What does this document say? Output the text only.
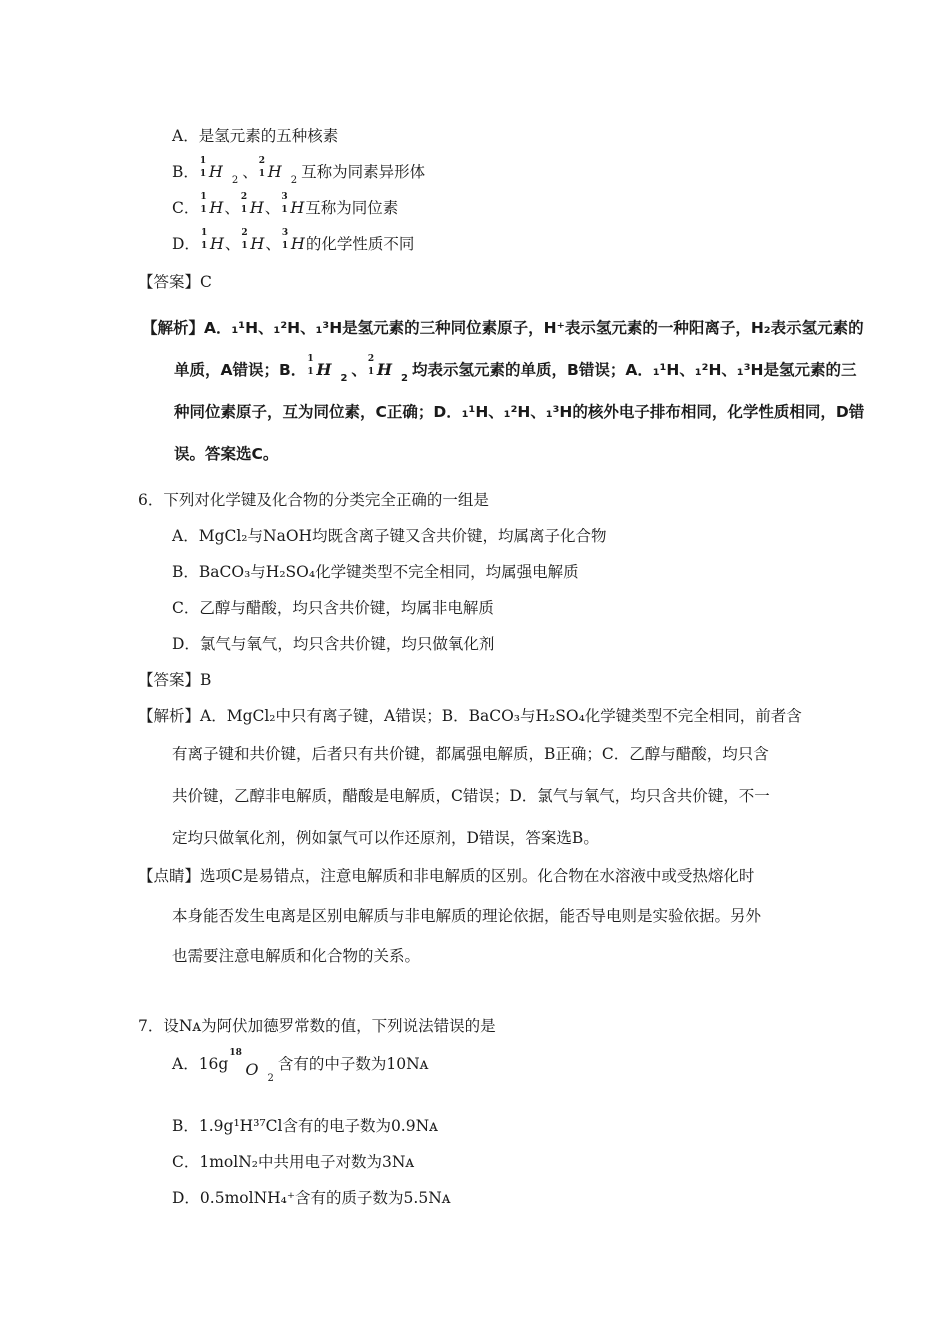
A．是氢元素的五种核素
B．
1
1 H $_2$ 、
2
1 H $_2$ 互称为同素异形体
C．
1
1 H、
2
1 H、
3
1 H互称为同位素
D．
1
1 H、
2
1 H、
3
1 H的化学性质不同
【答案】C
【解析】A．₁¹H、₁²H、₁³H是氢元素的三种同位素原子，H⁺表示氢元素的一种阳离子，H₂表示氢元素的
单质，A错误；B．
1
1 H $_2$ 、
2
1 H $_2$ 均表示氢元素的单质，B错误；A．₁¹H、₁²H、₁³H是氢元素的三
种同位素原子，互为同位素，C正确；D．₁¹H、₁²H、₁³H的核外电子排布相同，化学性质相同，D错
误。答案选C。
6．下列对化学键及化合物的分类完全正确的一组是
A．MgCl₂与NaOH均既含离子键又含共价键，均属离子化合物
B．BaCO₃与H₂SO₄化学键类型不完全相同，均属强电解质
C．乙醇与醋酸，均只含共价键，均属非电解质
D．氯气与氧气，均只含共价键，均只做氧化剂
【答案】B
【解析】A．MgCl₂中只有离子键，A错误；B．BaCO₃与H₂SO₄化学键类型不完全相同，前者含
有离子键和共价键，后者只有共价键，都属强电解质，B正确；C．乙醇与醋酸，均只含
共价键，乙醇非电解质，醋酸是电解质，C错误；D．氯气与氧气，均只含共价键，不一
定均只做氧化剂，例如氯气可以作还原剂，D错误，答案选B。
【点睛】选项C是易错点，注意电解质和非电解质的区别。化合物在水溶液中或受热熔化时
本身能否发生电离是区别电解质与非电解质的理论依据，能否导电则是实验依据。另外
也需要注意电解质和化合物的关系。
7．设Nᴀ为阿伏加德罗常数的值，下列说法错误的是
A．16g
18
O $_2$含有的中子数为10Nᴀ
B．1.9g¹H³⁷Cl含有的电子数为0.9Nᴀ
C．1molN₂中共用电子对数为3Nᴀ
D．0.5molNH₄⁺含有的质子数为5.5Nᴀ
